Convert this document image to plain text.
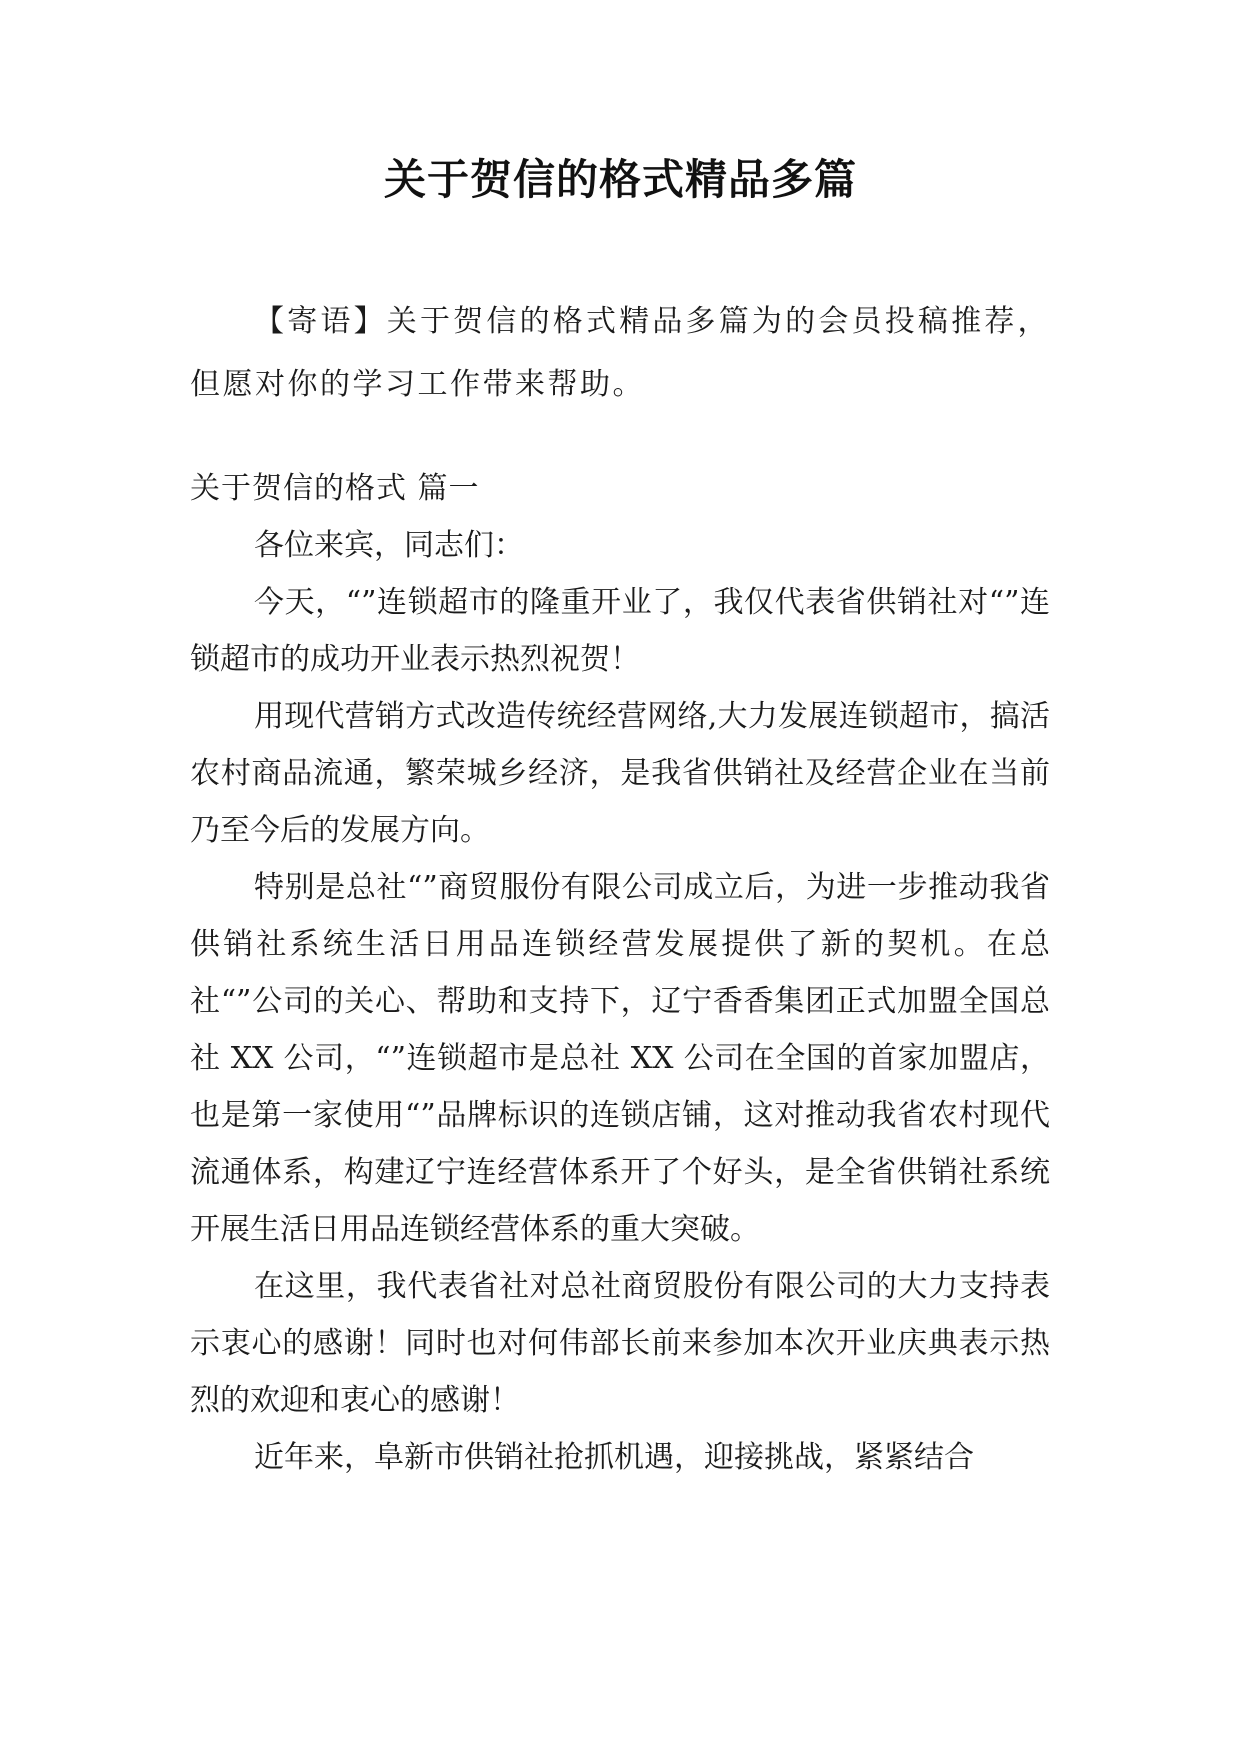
关于贺信的格式精品多篇

【寄语】关于贺信的格式精品多篇为的会员投稿推荐，但愿对你的学习工作带来帮助。

关于贺信的格式 篇一

各位来宾，同志们：

今天，“”连锁超市的隆重开业了，我仅代表省供销社对“”连锁超市的成功开业表示热烈祝贺！

用现代营销方式改造传统经营网络,大力发展连锁超市，搞活农村商品流通，繁荣城乡经济，是我省供销社及经营企业在当前乃至今后的发展方向。

特别是总社“”商贸服份有限公司成立后，为进一步推动我省供销社系统生活日用品连锁经营发展提供了新的契机。在总社“”公司的关心、帮助和支持下，辽宁香香集团正式加盟全国总社 XX 公司，“”连锁超市是总社 XX 公司在全国的首家加盟店，也是第一家使用“”品牌标识的连锁店铺，这对推动我省农村现代流通体系，构建辽宁连经营体系开了个好头，是全省供销社系统开展生活日用品连锁经营体系的重大突破。

在这里，我代表省社对总社商贸股份有限公司的大力支持表示衷心的感谢！同时也对何伟部长前来参加本次开业庆典表示热烈的欢迎和衷心的感谢！

近年来，阜新市供销社抢抓机遇，迎接挑战，紧紧结合
